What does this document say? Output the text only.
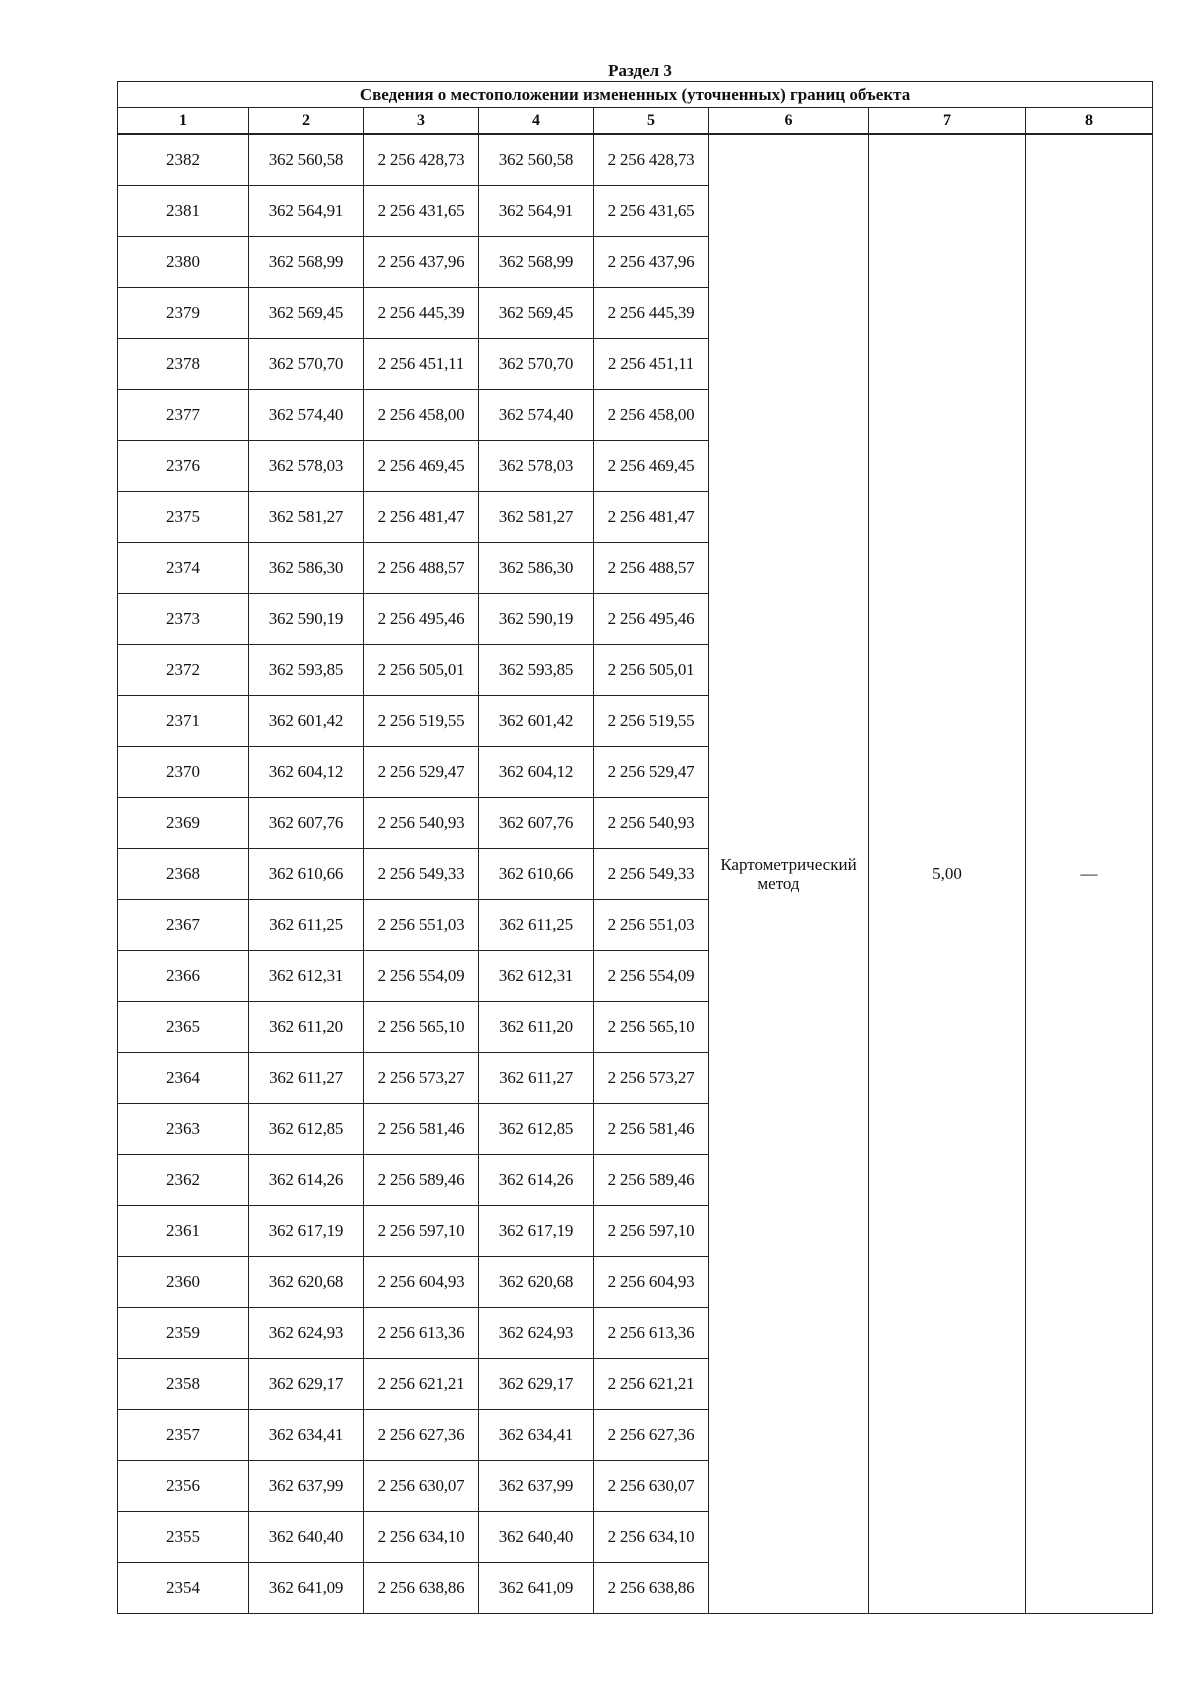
Раздел 3
Сведения о местоположении измененных (уточненных) границ объекта							
1	2	3	4	5	6	7	8
2382	362 560,58	2 256 428,73	362 560,58	2 256 428,73	Картометрический
метод	5,00	—
2381	362 564,91	2 256 431,65	362 564,91	2 256 431,65			
2380	362 568,99	2 256 437,96	362 568,99	2 256 437,96			
2379	362 569,45	2 256 445,39	362 569,45	2 256 445,39			
2378	362 570,70	2 256 451,11	362 570,70	2 256 451,11			
2377	362 574,40	2 256 458,00	362 574,40	2 256 458,00			
2376	362 578,03	2 256 469,45	362 578,03	2 256 469,45			
2375	362 581,27	2 256 481,47	362 581,27	2 256 481,47			
2374	362 586,30	2 256 488,57	362 586,30	2 256 488,57			
2373	362 590,19	2 256 495,46	362 590,19	2 256 495,46			
2372	362 593,85	2 256 505,01	362 593,85	2 256 505,01			
2371	362 601,42	2 256 519,55	362 601,42	2 256 519,55			
2370	362 604,12	2 256 529,47	362 604,12	2 256 529,47			
2369	362 607,76	2 256 540,93	362 607,76	2 256 540,93			
2368	362 610,66	2 256 549,33	362 610,66	2 256 549,33			
2367	362 611,25	2 256 551,03	362 611,25	2 256 551,03			
2366	362 612,31	2 256 554,09	362 612,31	2 256 554,09			
2365	362 611,20	2 256 565,10	362 611,20	2 256 565,10			
2364	362 611,27	2 256 573,27	362 611,27	2 256 573,27			
2363	362 612,85	2 256 581,46	362 612,85	2 256 581,46			
2362	362 614,26	2 256 589,46	362 614,26	2 256 589,46			
2361	362 617,19	2 256 597,10	362 617,19	2 256 597,10			
2360	362 620,68	2 256 604,93	362 620,68	2 256 604,93			
2359	362 624,93	2 256 613,36	362 624,93	2 256 613,36			
2358	362 629,17	2 256 621,21	362 629,17	2 256 621,21			
2357	362 634,41	2 256 627,36	362 634,41	2 256 627,36			
2356	362 637,99	2 256 630,07	362 637,99	2 256 630,07			
2355	362 640,40	2 256 634,10	362 640,40	2 256 634,10			
2354	362 641,09	2 256 638,86	362 641,09	2 256 638,86			
